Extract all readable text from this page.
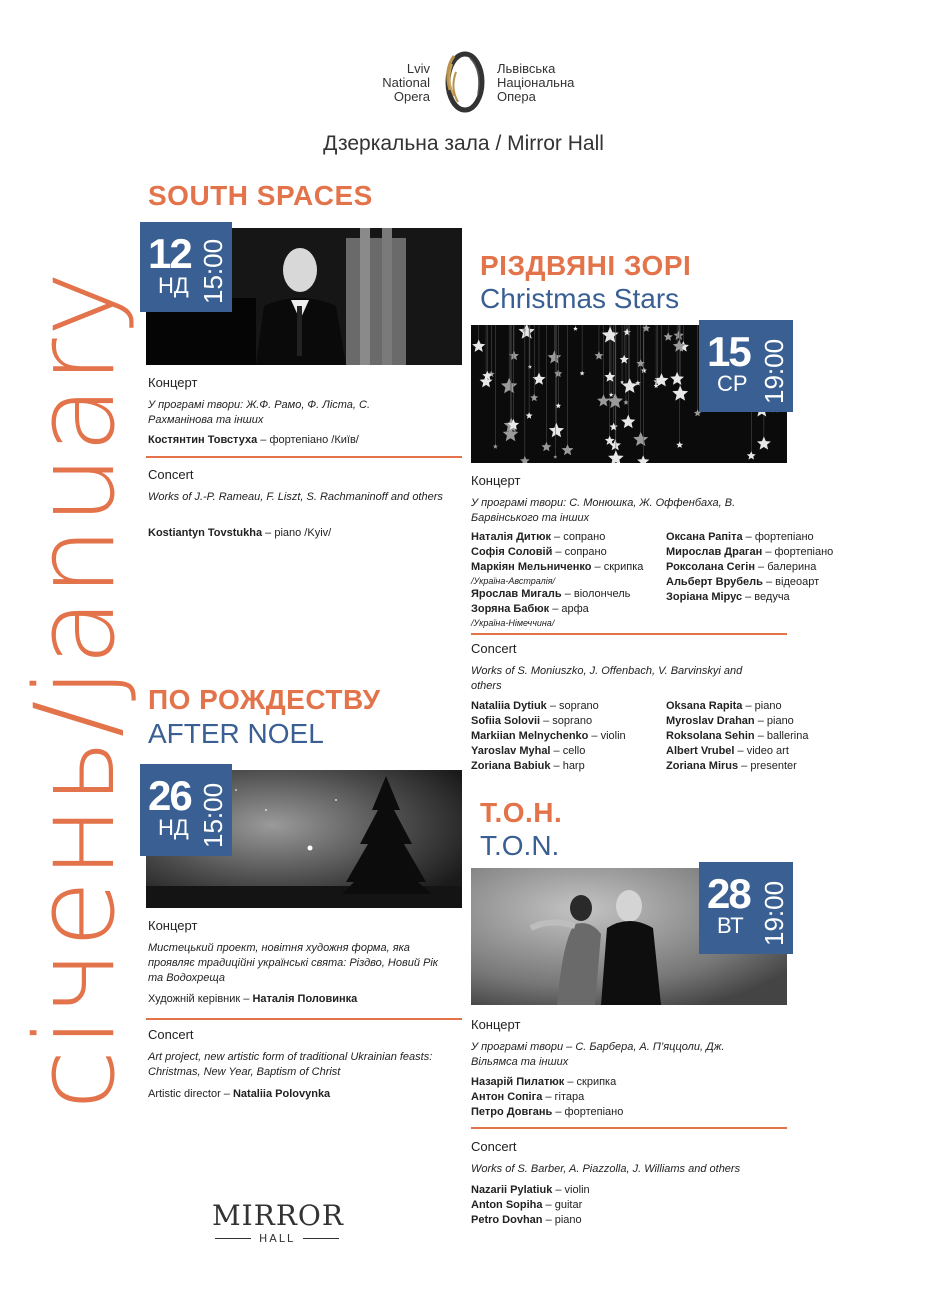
Lviv
National
Opera
Львівська
Національна
Опера
Дзеркальна зала / Mirror Hall
січень/january
SOUTH SPACES
12
НД 15:00
Концерт
У програмі твори: Ж.Ф. Рамо, Ф. Ліста, С. Рахманінова та інших
Костянтин Товстуха – фортепіано /Київ/
Concert
Works of J.-P. Rameau, F. Liszt, S. Rachmaninoff and others
Kostiantyn Tovstukha – piano /Kyiv/
РІЗДВЯНІ ЗОРІ
Christmas Stars
15
СР 19:00
Концерт
У програмі твори: С. Монюшка, Ж. Оффенбаха, В. Барвінського та інших
Наталія Дитюк – сопрано
Софія Соловій – сопрано
Маркіян Мельниченко – скрипка
/Україна-Австралія/
Ярослав Мигаль – віолончель
Зоряна Бабюк – арфа
/Україна-Німеччина/
Оксана Рапіта – фортепіано
Мирослав Драган – фортепіано
Роксолана Сегін – балерина
Альберт Врубель – відеоарт
Зоріана Мірус – ведуча
Concert
Works of S. Moniuszko, J. Offenbach, V. Barvinskyi and others
Nataliia Dytiuk – soprano
Sofiia Solovii – soprano
Markiian Melnychenko – violin
Yaroslav Myhal – cello
Zoriana Babiuk – harp
Oksana Rapita – piano
Myroslav Drahan – piano
Roksolana Sehin – ballerina
Albert Vrubel – video art
Zoriana Mirus – presenter
ПО РОЖДЕСТВУ
AFTER NOEL
26
НД 15:00
Концерт
Мистецький проект, новітня художня форма, яка проявляє традиційні українські свята: Різдво, Новий Рік та Водохреща
Художній керівник – Наталія Половинка
Concert
Art project, new artistic form of traditional Ukrainian feasts: Christmas, New Year, Baptism of Christ
Artistic director – Nataliia Polovynka
Т.О.Н.
T.O.N.
28
ВТ 19:00
Концерт
У програмі твори – С. Барбера, А. П’яццоли, Дж. Вільямса та інших
Назарій Пилатюк – скрипка
Антон Сопіга – гітара
Петро Довгань – фортепіано
Concert
Works of S. Barber, A. Piazzolla, J. Williams and others
Nazarii Pylatiuk – violin
Anton Sopiha – guitar
Petro Dovhan – piano
MIRROR
HALL
